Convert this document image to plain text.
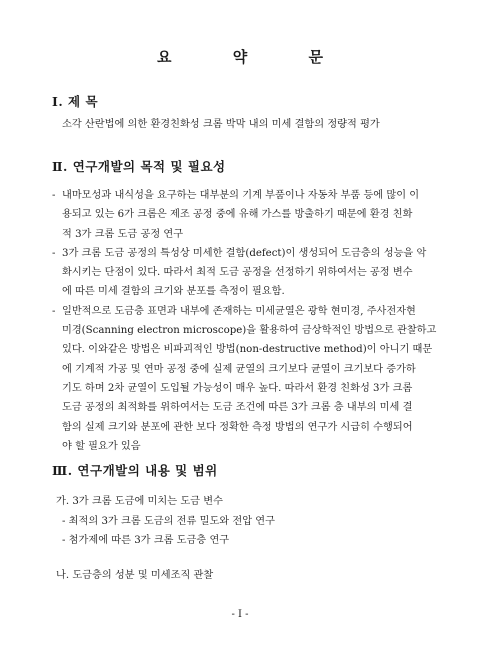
요 약 문
Ⅰ. 제 목
소각 산란법에 의한 환경친화성 크롬 박막 내의 미세 결함의 정량적 평가
Ⅱ. 연구개발의 목적 및 필요성
- 내마모성과 내식성을 요구하는 대부분의 기계 부품이나 자동차 부품 등에 많이 이
용되고 있는 6가 크롬은 제조 공정 중에 유해 가스를 방출하기 때문에 환경 친화
적 3가 크롬 도금 공정 연구
- 3가 크롬 도금 공정의 특성상 미세한 결함(defect)이 생성되어 도금층의 성능을 악
화시키는 단점이 있다. 따라서 최적 도금 공정을 선정하기 위하여서는 공정 변수
에 따른 미세 결함의 크기와 분포를 측정이 필요함.
- 일반적으로 도금층 표면과 내부에 존재하는 미세균열은 광학 현미경, 주사전자현
미경(Scanning electron microscope)을 활용하여 금상학적인 방법으로 관찰하고
있다. 이와같은 방법은 비파괴적인 방법(non-destructive method)이 아니기 때문
에 기계적 가공 및 연마 공정 중에 실제 균열의 크기보다 균열이 크기보다 증가하
기도 하며 2차 균열이 도입될 가능성이 매우 높다. 따라서 환경 친화성 3가 크롬
도금 공정의 최적화를 위하여서는 도금 조건에 따른 3가 크롬 층 내부의 미세 결
함의 실제 크기와 분포에 관한 보다 정확한 측정 방법의 연구가 시급히 수행되어
야 할 필요가 있음
Ⅲ. 연구개발의 내용 및 범위
가. 3가 크롬 도금에 미치는 도금 변수
- 최적의 3가 크롬 도금의 전류 밀도와 전압 연구
- 첨가제에 따른 3가 크롬 도금층 연구
나. 도금층의 성분 및 미세조직 관찰
- I -
